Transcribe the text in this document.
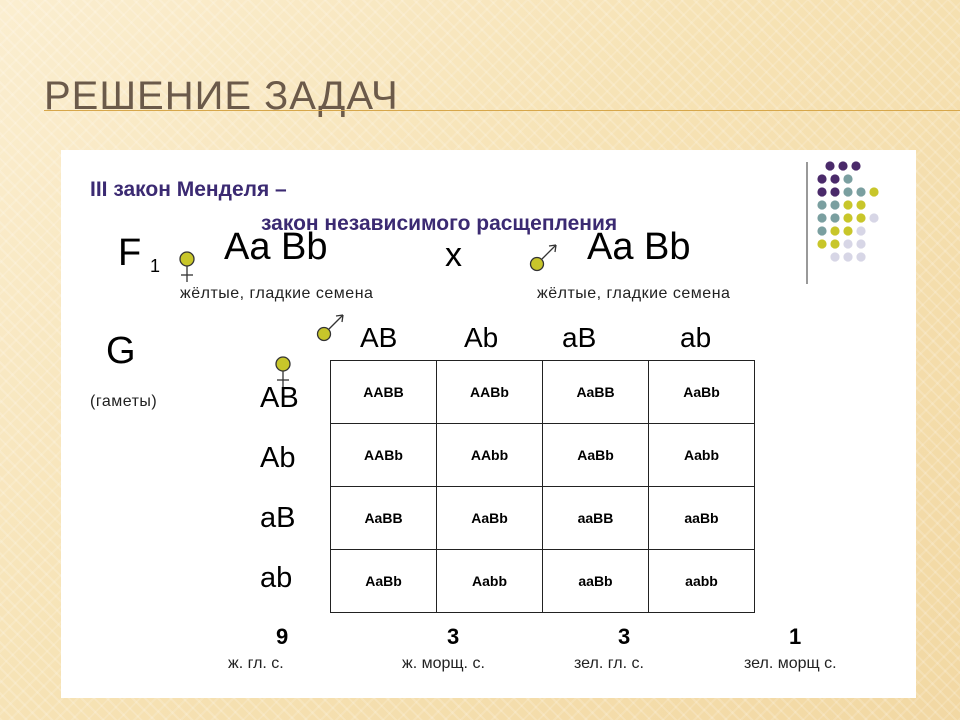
РЕШЕНИЕ ЗАДАЧ
III закон Менделя –
закон независимого расщепления
F 1 Aa Bb	x	Aa Bb
жёлтые, гладкие семена	жёлтые, гладкие семена
G
(гаметы)
AB Ab aB	ab
AB
Ab
aB
ab
AABB	AABb	AaBB	AaBb
AABb	AAbb	AaBb	Aabb
AaBB	AaBb	aaBB	aaBb
AaBb	Aabb	aaBb	aabb
9	3	3	1
ж. гл. с.	ж. морщ. с.	зел. гл. с.	зел. морщ с.
